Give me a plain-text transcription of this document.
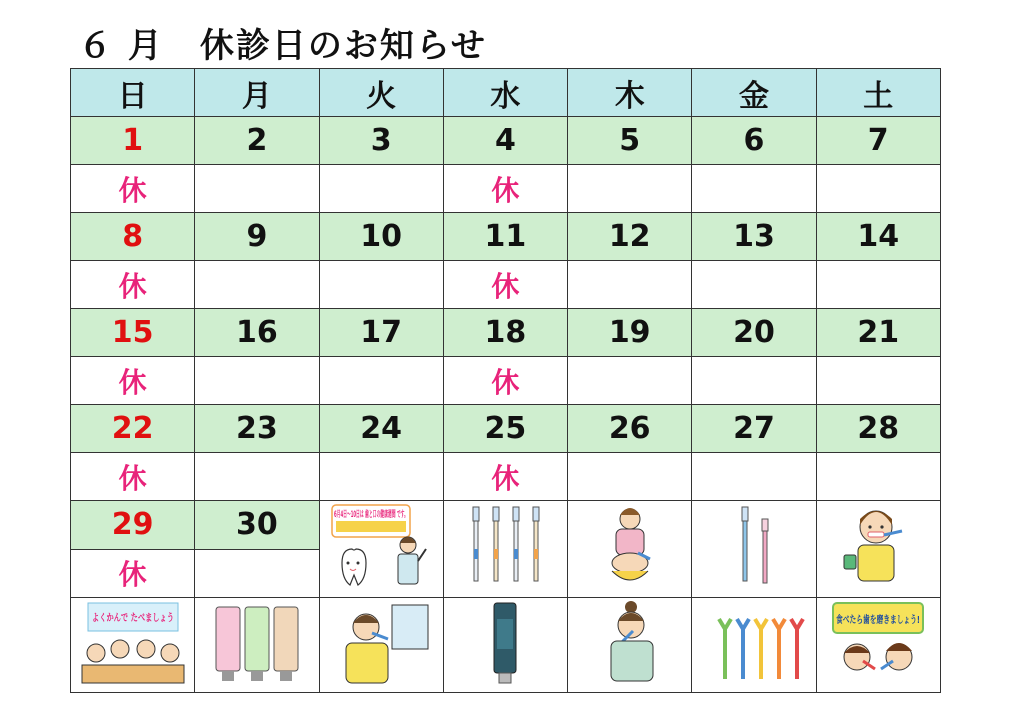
６ 月　休診日のお知らせ
日	月	火	水	木	金	土
1	2	3	4	5	6	7
休			休			
8	9	10	11	12	13	14
休			休			
15	16	17	18	19	20	21
休			休			
22	23	24	25	26	27	28
休			休			
29	30	6月4日〜10日は 歯と口の健康週間 です。

休						

よくかんで たべましょう						食べたら歯を磨きましょう!
